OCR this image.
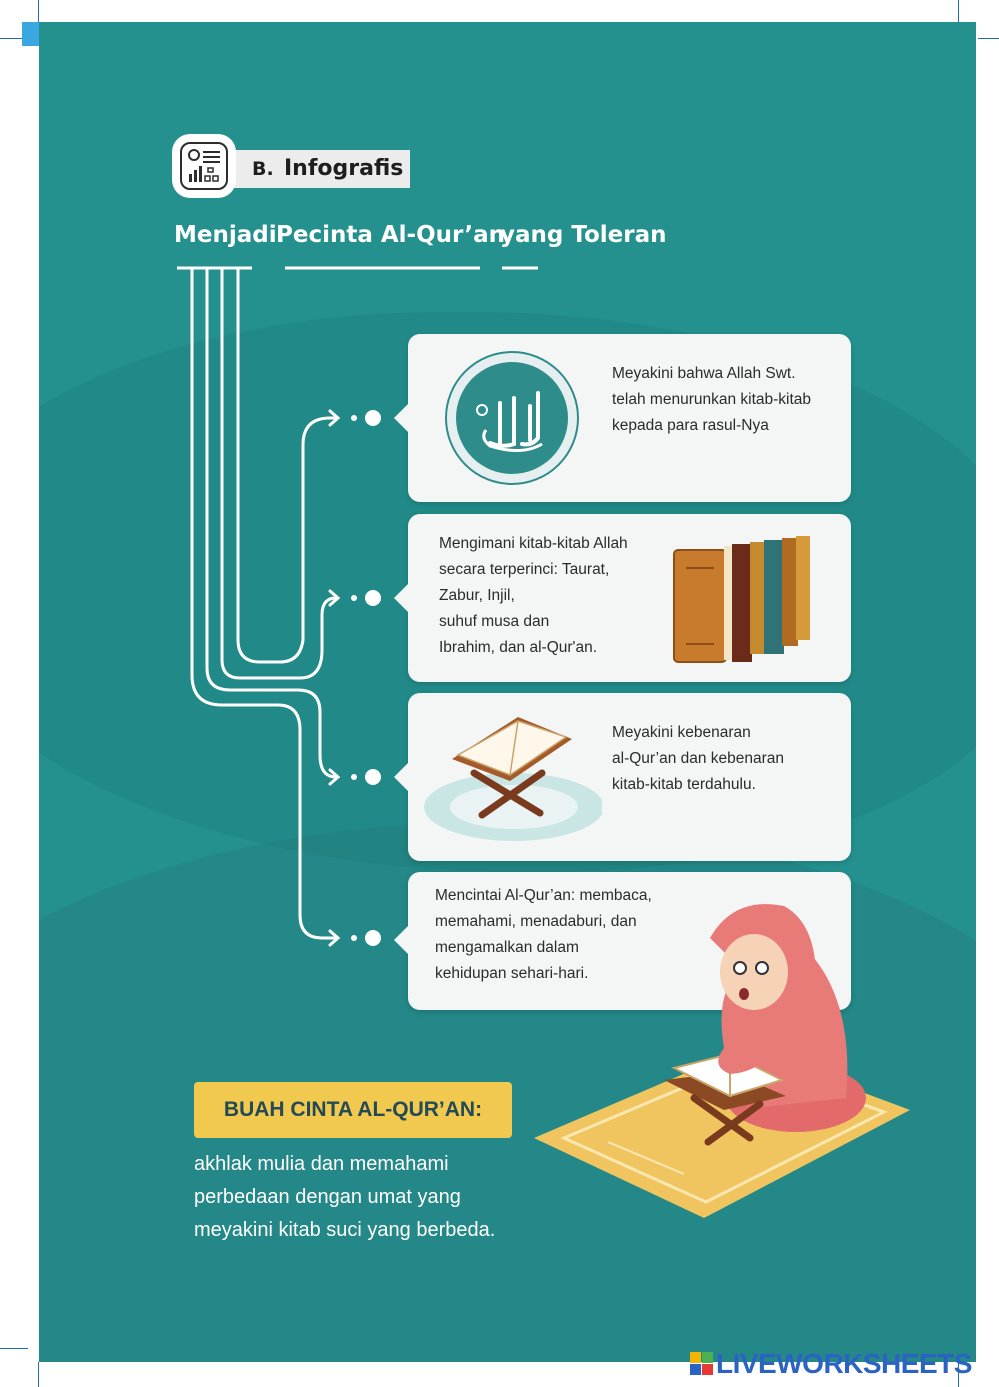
B. Infografis

Menjadi

Pecinta Al-Qur’an

yang Toleran

Meyakini bahwa Allah Swt.
telah menurunkan kitab-kitab
kepada para rasul-Nya
Mengimani kitab-kitab Allah
secara terperinci: Taurat,
Zabur, Injil,
suhuf musa dan
Ibrahim, dan al-Qur'an.
Meyakini kebenaran
al-Qur’an dan kebenaran
kitab-kitab terdahulu.
Mencintai Al-Qur’an: membaca,
memahami, menadaburi, dan
mengamalkan dalam
kehidupan sehari-hari.
BUAH CINTA AL-QUR’AN:
akhlak mulia dan memahami
perbedaan dengan umat yang
meyakini kitab suci yang berbeda.
LIVEWORKSHEETS
